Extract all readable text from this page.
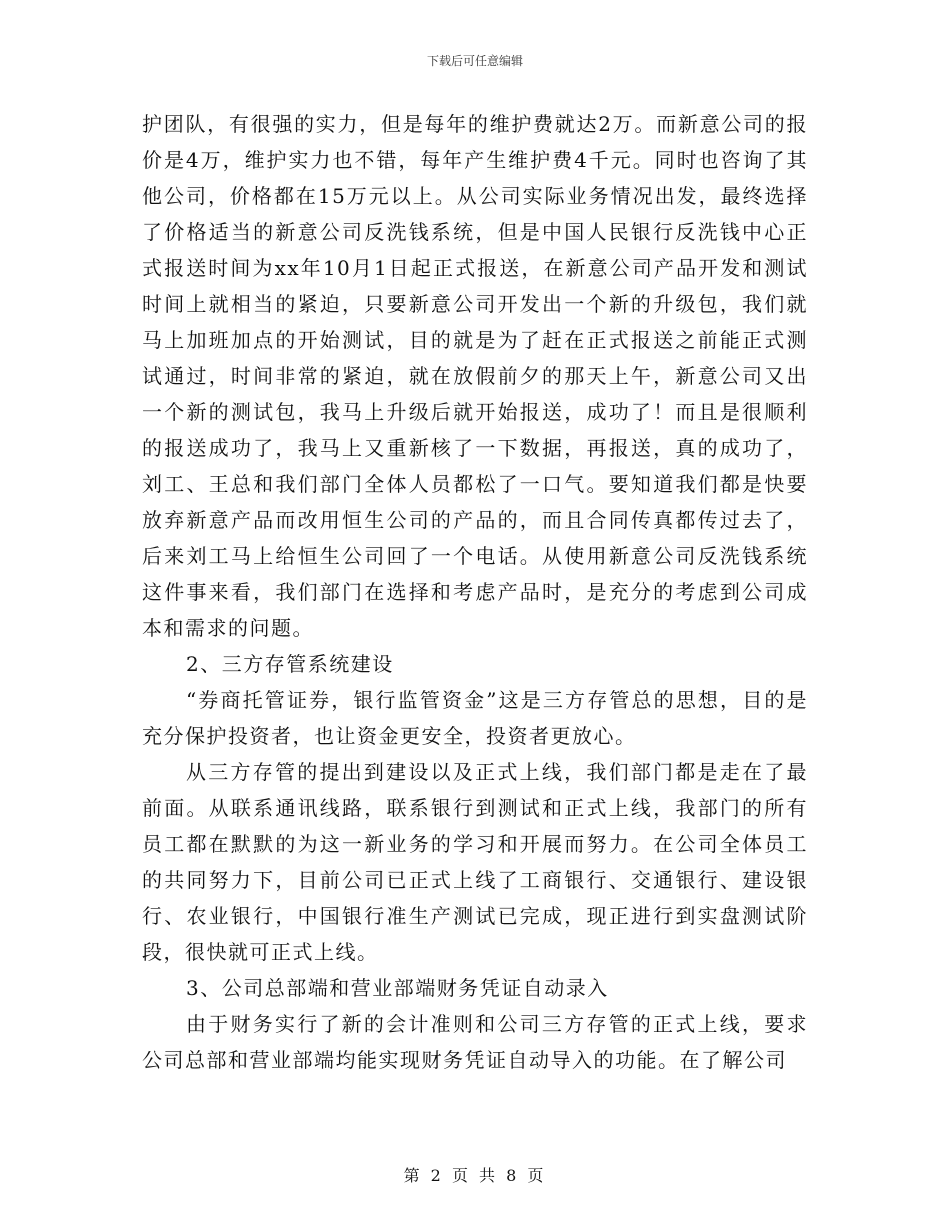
下载后可任意编辑

护团队，有很强的实力，但是每年的维护费就达2万。而新意公司的报价是4万，维护实力也不错，每年产生维护费4千元。同时也咨询了其他公司，价格都在15万元以上。从公司实际业务情况出发，最终选择了价格适当的新意公司反洗钱系统，但是中国人民银行反洗钱中心正式报送时间为xx年10月1日起正式报送，在新意公司产品开发和测试时间上就相当的紧迫，只要新意公司开发出一个新的升级包，我们就马上加班加点的开始测试，目的就是为了赶在正式报送之前能正式测试通过，时间非常的紧迫，就在放假前夕的那天上午，新意公司又出一个新的测试包，我马上升级后就开始报送，成功了！而且是很顺利的报送成功了，我马上又重新核了一下数据，再报送，真的成功了，刘工、王总和我们部门全体人员都松了一口气。要知道我们都是快要放弃新意产品而改用恒生公司的产品的，而且合同传真都传过去了，后来刘工马上给恒生公司回了一个电话。从使用新意公司反洗钱系统这件事来看，我们部门在选择和考虑产品时，是充分的考虑到公司成本和需求的问题。

2、三方存管系统建设

“券商托管证券，银行监管资金”这是三方存管总的思想，目的是充分保护投资者，也让资金更安全，投资者更放心。

从三方存管的提出到建设以及正式上线，我们部门都是走在了最前面。从联系通讯线路，联系银行到测试和正式上线，我部门的所有员工都在默默的为这一新业务的学习和开展而努力。在公司全体员工的共同努力下，目前公司已正式上线了工商银行、交通银行、建设银行、农业银行，中国银行准生产测试已完成，现正进行到实盘测试阶段，很快就可正式上线。

3、公司总部端和营业部端财务凭证自动录入

由于财务实行了新的会计准则和公司三方存管的正式上线，要求公司总部和营业部端均能实现财务凭证自动导入的功能。在了解公司

第 2 页 共 8 页
